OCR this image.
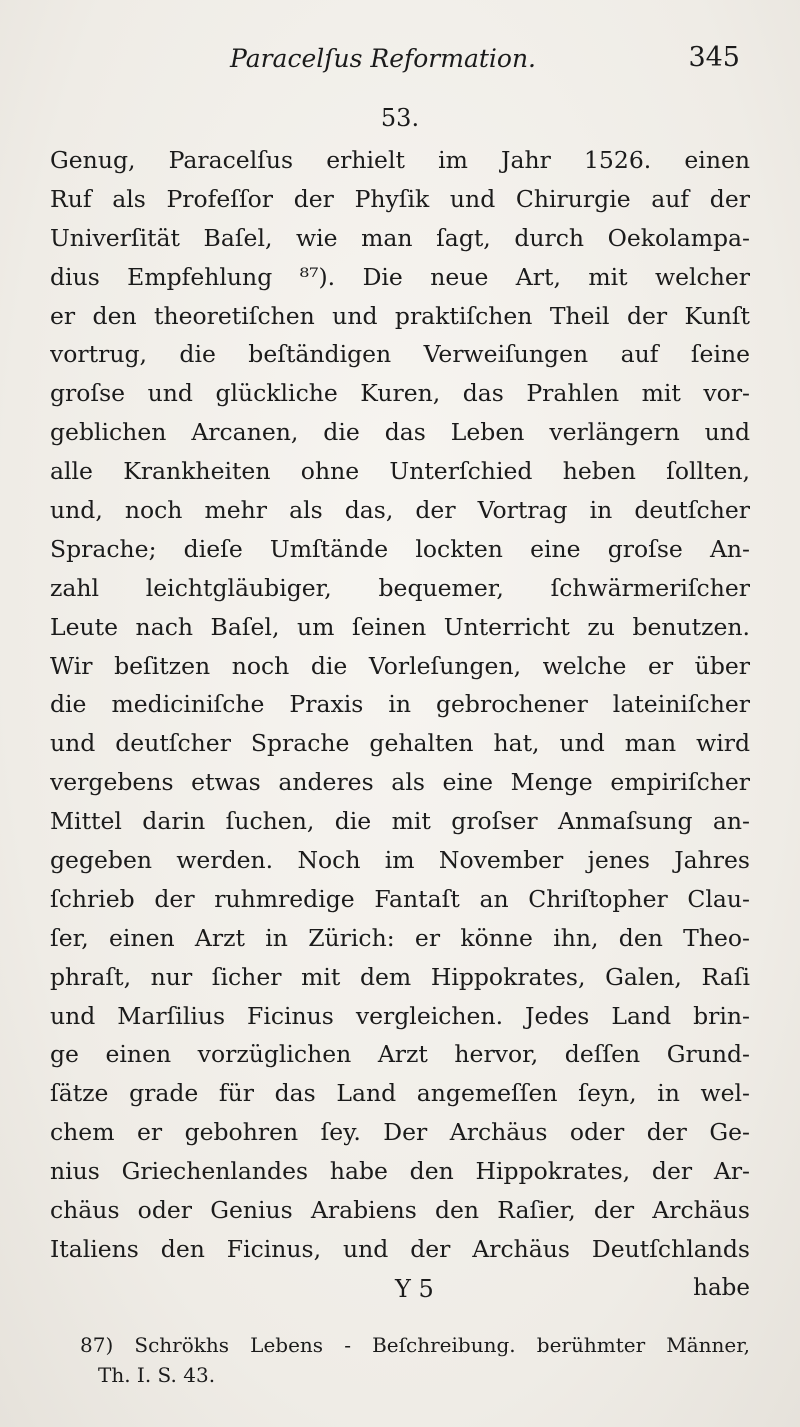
Paracelſus Reformation.	345
53.
Genug, Paracelſus erhielt im Jahr 1526. einen
Ruf als Profeſſor der Phyſik und Chirurgie auf der
Univerſität Baſel, wie man ſagt, durch Oekolampa-
dius Empfehlung ⁸⁷). Die neue Art, mit welcher
er den theoretiſchen und praktiſchen Theil der Kunſt
vortrug, die beſtändigen Verweiſungen auf ſeine
groſse und glückliche Kuren, das Prahlen mit vor-
geblichen Arcanen, die das Leben verlängern und
alle Krankheiten ohne Unterſchied heben ſollten,
und, noch mehr als das, der Vortrag in deutſcher
Sprache; dieſe Umſtände lockten eine groſse An-
zahl leichtgläubiger, bequemer, ſchwärmeriſcher
Leute nach Baſel, um ſeinen Unterricht zu benutzen.
Wir beſitzen noch die Vorleſungen, welche er über
die mediciniſche Praxis in gebrochener lateiniſcher
und deutſcher Sprache gehalten hat, und man wird
vergebens etwas anderes als eine Menge empiriſcher
Mittel darin ſuchen, die mit groſser Anmaſsung an-
gegeben werden. Noch im November jenes Jahres
ſchrieb der ruhmredige Fantaſt an Chriſtopher Clau-
ſer, einen Arzt in Zürich: er könne ihn, den Theo-
phraſt, nur ſicher mit dem Hippokrates, Galen, Raſi
und Marſilius Ficinus vergleichen. Jedes Land brin-
ge einen vorzüglichen Arzt hervor, deſſen Grund-
ſätze grade für das Land angemeſſen ſeyn, in wel-
chem er gebohren ſey. Der Archäus oder der Ge-
nius Griechenlandes habe den Hippokrates, der Ar-
chäus oder Genius Arabiens den Raſier, der Archäus
Italiens den Ficinus, und der Archäus Deutſchlands
Y 5	habe
87) Schrökhs Lebens - Beſchreibung. berühmter Männer,
Th. I. S. 43.
